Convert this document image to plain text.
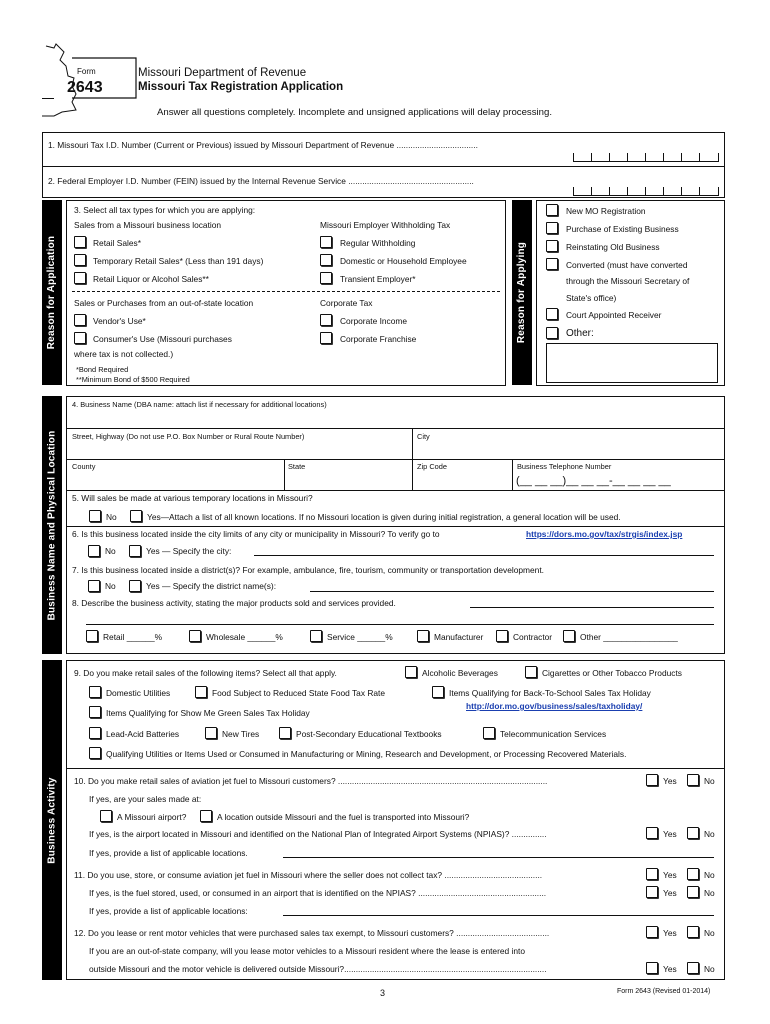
Form
2643
Missouri Department of Revenue
Missouri Tax Registration Application
Answer all questions completely. Incomplete and unsigned applications will delay processing.
1. Missouri Tax I.D. Number (Current or Previous) issued by Missouri Department of Revenue ...................................
2. Federal Employer I.D. Number (FEIN) issued by the Internal Revenue Service ......................................................
Reason for Application
3. Select all tax types for which you are applying:
Sales from a Missouri business location
Retail Sales*
Temporary Retail Sales* (Less than 191 days)
Retail Liquor or Alcohol Sales**
Missouri Employer Withholding Tax
Regular Withholding
Domestic or Household Employee
Transient Employer*
Sales or Purchases from an out-of-state location
Vendor's Use*
Consumer's Use (Missouri purchases
where tax is not collected.)
Corporate Tax
Corporate Income
Corporate Franchise
*Bond Required
**Minimum Bond of $500 Required
Reason for Applying
New MO Registration
Purchase of Existing Business
Reinstating Old Business
Converted (must have converted
through the Missouri Secretary of
State's office)
Court Appointed Receiver
Other:
Business Name and Physical Location
4. Business Name (DBA name: attach list if necessary for additional locations)
Street, Highway (Do not use P.O. Box Number or Rural Route Number)	City
County	State	Zip Code	Business Telephone Number
(__ __ __)__ __ __-__ __ __ __
5. Will sales be made at various temporary locations in Missouri?
No	Yes—Attach a list of all known locations. If no Missouri location is given during initial registration, a general location will be used.
6. Is this business located inside the city limits of any city or municipality in Missouri? To verify go to	https://dors.mo.gov/tax/strgis/index.jsp
No	Yes — Specify the city:
7. Is this business located inside a district(s)? For example, ambulance, fire, tourism, community or transportation development.
No	Yes — Specify the district name(s):
8. Describe the business activity, stating the major products sold and services provided.
Retail ______%	Wholesale ______%	Service ______%	Manufacturer	Contractor	Other ________________
Business Activity
9. Do you make retail sales of the following items? Select all that apply.	Alcoholic Beverages	Cigarettes or Other Tobacco Products
Domestic Utilities	Food Subject to Reduced State Food Tax Rate	Items Qualifying for Back-To-School Sales Tax Holiday
http://dor.mo.gov/business/sales/taxholiday/
Items Qualifying for Show Me Green Sales Tax Holiday
Lead-Acid Batteries	New Tires	Post-Secondary Educational Textbooks	Telecommunication Services
Qualifying Utilities or Items Used or Consumed in Manufacturing or Mining, Research and Development, or Processing Recovered Materials.
10. Do you make retail sales of aviation jet fuel to Missouri customers? ..........................................................................................	Yes	No
If yes, are your sales made at:
A Missouri airport?	A location outside Missouri and the fuel is transported into Missouri?
If yes, is the airport located in Missouri and identified on the National Plan of Integrated Airport Systems (NPIAS)? ...............	Yes	No
If yes, provide a list of applicable locations.
11. Do you use, store, or consume aviation jet fuel in Missouri where the seller does not collect tax? ..........................................	Yes	No
If yes, is the fuel stored, used, or consumed in an airport that is identified on the NPIAS? .......................................................	Yes	No
If yes, provide a list of applicable locations:
12. Do you lease or rent motor vehicles that were purchased sales tax exempt, to Missouri customers? ........................................	Yes	No
If you are an out-of-state company, will you lease motor vehicles to a Missouri resident where the lease is entered into
outside Missouri and the motor vehicle is delivered outside Missouri?.......................................................................................	Yes	No
3	Form 2643 (Revised 01-2014)
